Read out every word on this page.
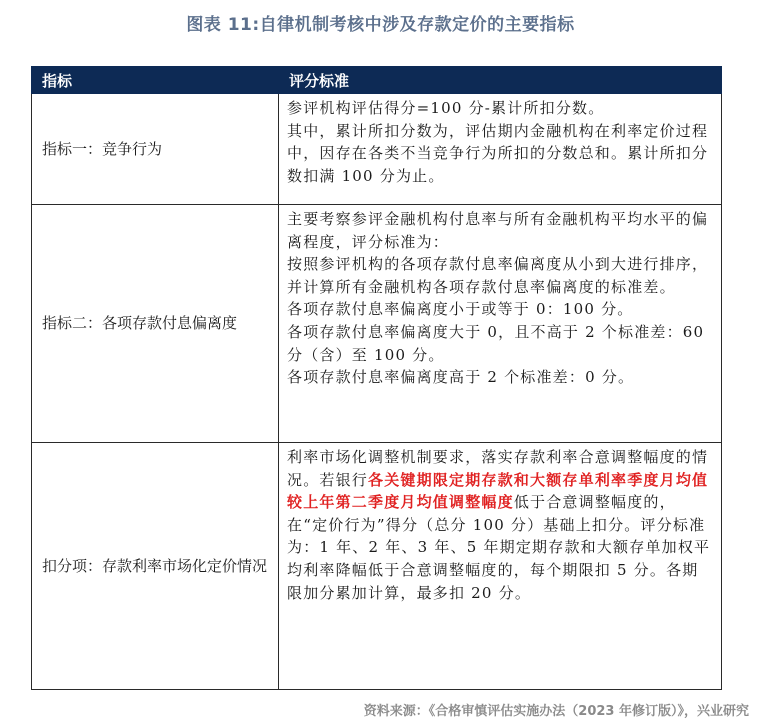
图表 11:自律机制考核中涉及存款定价的主要指标
指标	评分标准
指标一：竞争行为	参评机构评估得分=100 分-累计所扣分数。

其中，累计所扣分数为，评估期内金融机构在利率定价过程中，因存在各类不当竞争行为所扣的分数总和。累计所扣分数扣满 100 分为止。

指标二：各项存款付息偏离度	主要考察参评金融机构付息率与所有金融机构平均水平的偏离程度，评分标准为：

按照参评机构的各项存款付息率偏离度从小到大进行排序，并计算所有金融机构各项存款付息率偏离度的标准差。

各项存款付息率偏离度小于或等于 0：100 分。

各项存款付息率偏离度大于 0，且不高于 2 个标准差：60 分（含）至 100 分。

各项存款付息率偏离度高于 2 个标准差：0 分。

扣分项：存款利率市场化定价情况	利率市场化调整机制要求，落实存款利率合意调整幅度的情况。若银行各关键期限定期存款和大额存单利率季度月均值较上年第二季度月均值调整幅度低于合意调整幅度的，在“定价行为”得分（总分 100 分）基础上扣分。评分标准为：1 年、2 年、3 年、5 年期定期存款和大额存单加权平均利率降幅低于合意调整幅度的，每个期限扣 5 分。各期限加分累加计算，最多扣 20 分。

资料来源：《合格审慎评估实施办法（2023 年修订版）》，兴业研究
